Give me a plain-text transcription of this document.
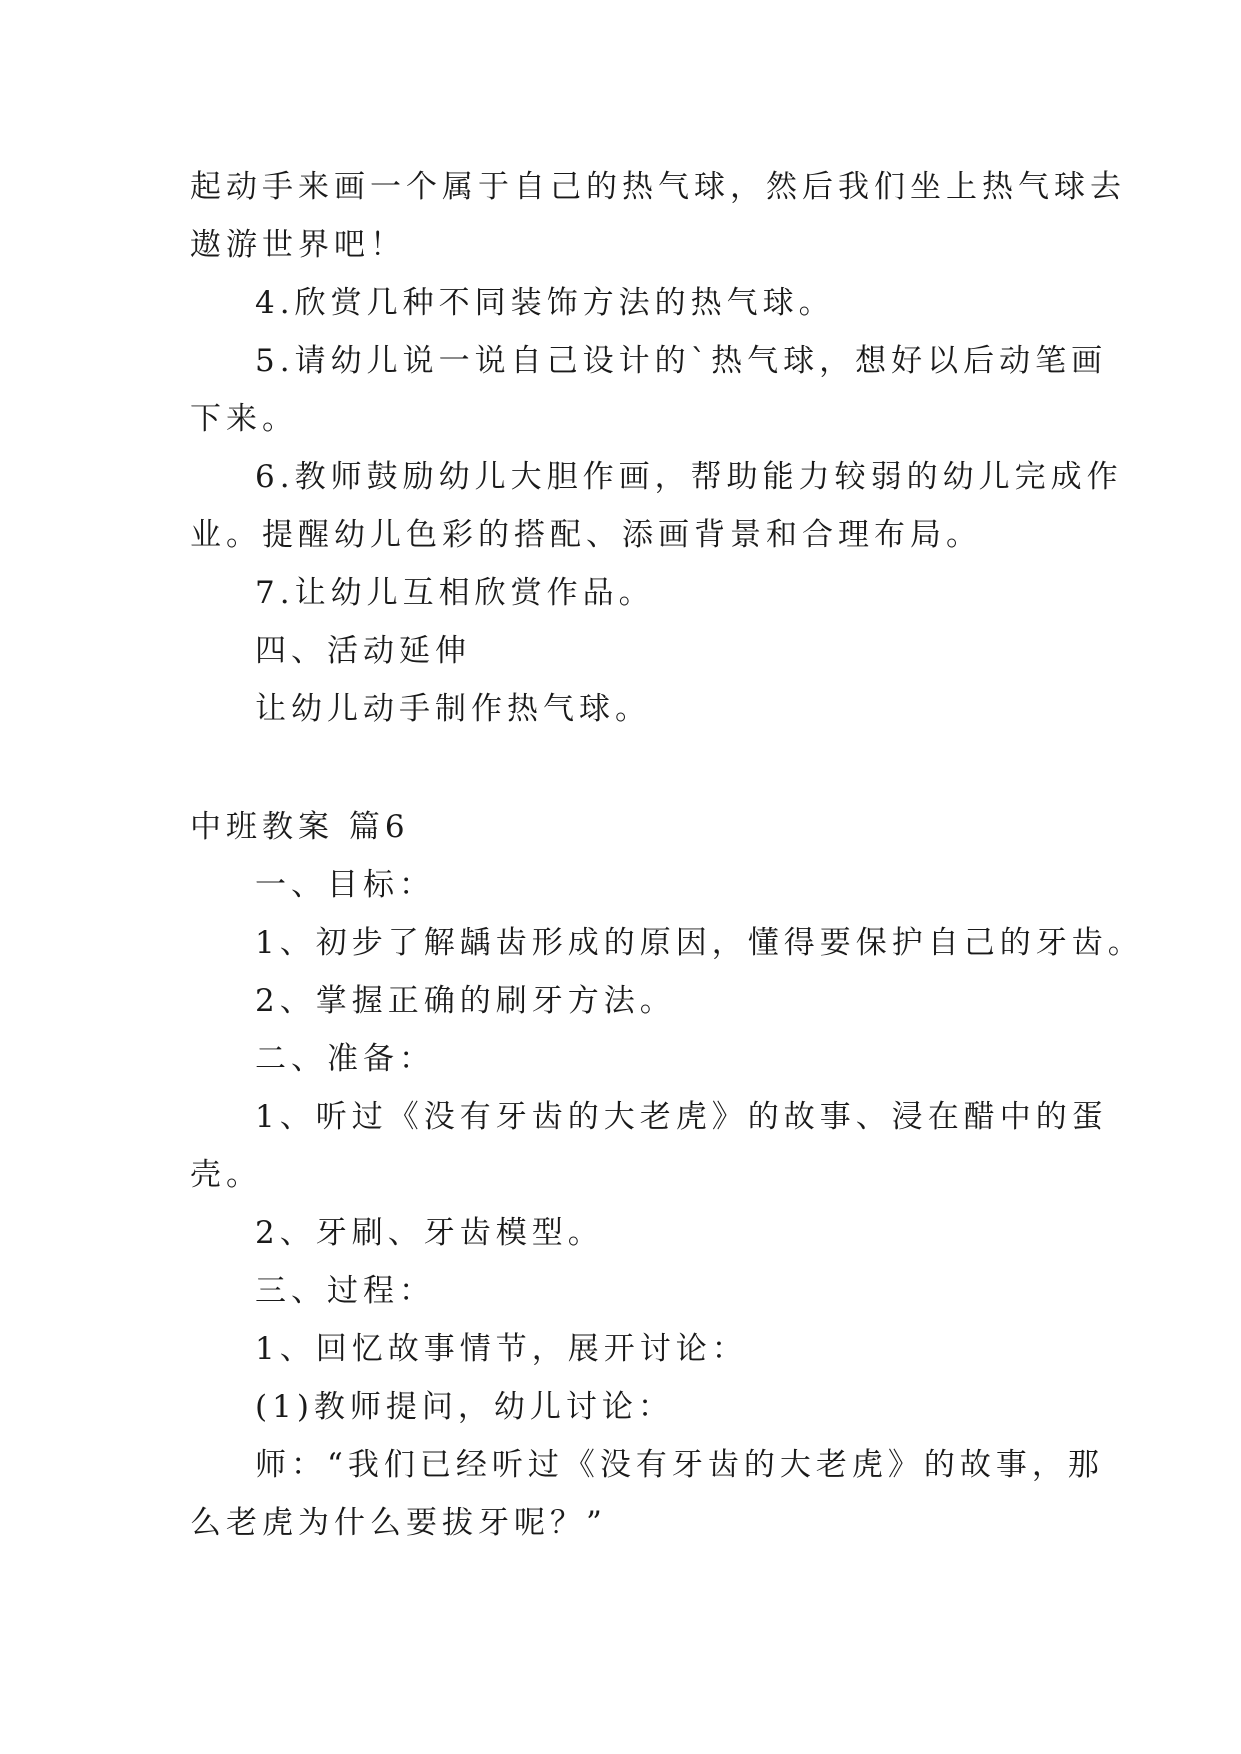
起动手来画一个属于自己的热气球，然后我们坐上热气球去
遨游世界吧！
4.欣赏几种不同装饰方法的热气球。
5.请幼儿说一说自己设计的`热气球，想好以后动笔画
下来。
6.教师鼓励幼儿大胆作画，帮助能力较弱的幼儿完成作
业。提醒幼儿色彩的搭配、添画背景和合理布局。
7.让幼儿互相欣赏作品。
四、活动延伸
让幼儿动手制作热气球。
中班教案 篇6
一、目标：
1、初步了解龋齿形成的原因，懂得要保护自己的牙齿。
2、掌握正确的刷牙方法。
二、准备：
1、听过《没有牙齿的大老虎》的故事、浸在醋中的蛋
壳。
2、牙刷、牙齿模型。
三、过程：
1、回忆故事情节，展开讨论：
(1)教师提问，幼儿讨论：
师：“我们已经听过《没有牙齿的大老虎》的故事，那
么老虎为什么要拔牙呢？”
